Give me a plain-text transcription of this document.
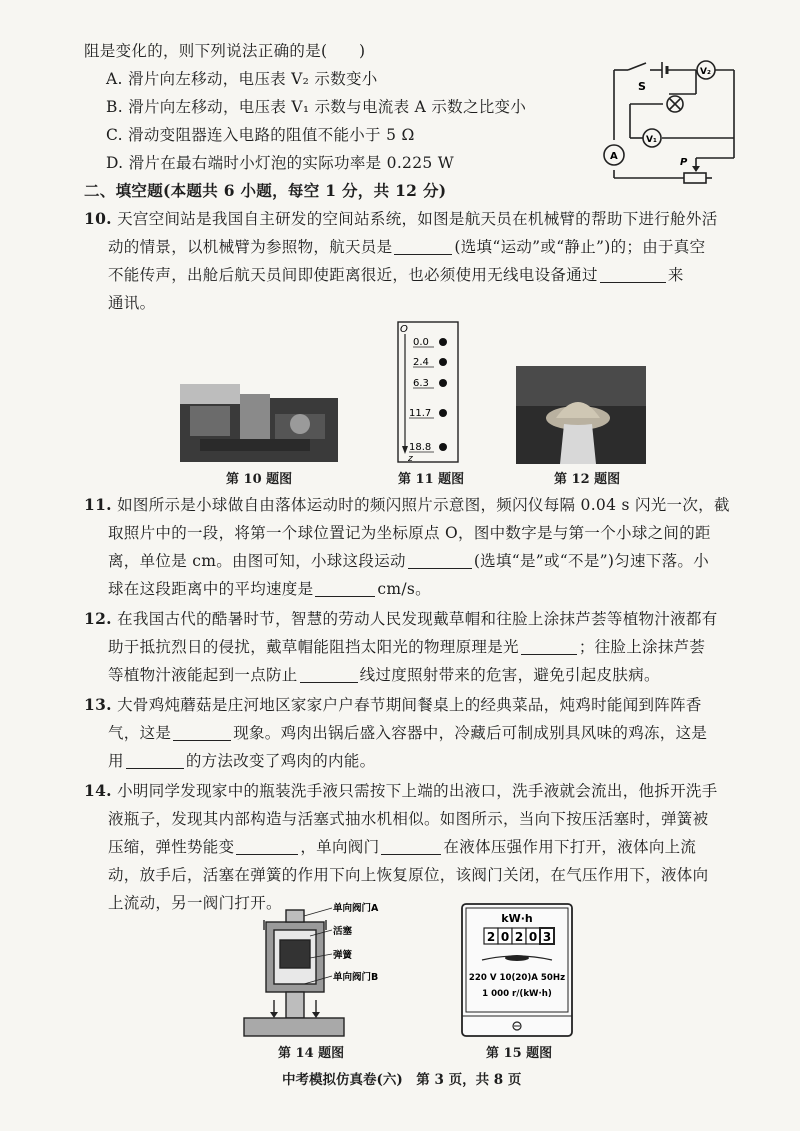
阻是变化的，则下列说法正确的是(　　)
A. 滑片向左移动，电压表 V₂ 示数变小
B. 滑片向左移动，电压表 V₁ 示数与电流表 A 示数之比变小
C. 滑动变阻器连入电路的阻值不能小于 5 Ω
D. 滑片在最右端时小灯泡的实际功率是 0.225 W
S
V₂
V₁
A
P
二、填空题(本题共 6 小题，每空 1 分，共 12 分)
10. 天宫空间站是我国自主研发的空间站系统，如图是航天员在机械臂的帮助下进行舱外活
动的情景，以机械臂为参照物，航天员是	(选填“运动”或“静止”)的；由于真空
不能传声，出舱后航天员间即使距离很近，也必须使用无线电设备通过	来
通讯。
第 10 题图
O
z
0.0
2.4
6.3
11.7
18.8
第 11 题图	第 12 题图
11. 如图所示是小球做自由落体运动时的频闪照片示意图，频闪仪每隔 0.04 s 闪光一次，截
取照片中的一段，将第一个球位置记为坐标原点 O，图中数字是与第一个小球之间的距
离，单位是 cm。由图可知，小球这段运动	(选填“是”或“不是”)匀速下落。小
球在这段距离中的平均速度是	cm/s。
12. 在我国古代的酷暑时节，智慧的劳动人民发现戴草帽和往脸上涂抹芦荟等植物汁液都有
助于抵抗烈日的侵扰，戴草帽能阻挡太阳光的物理原理是光	；往脸上涂抹芦荟
等植物汁液能起到一点防止	线过度照射带来的危害，避免引起皮肤病。
13. 大骨鸡炖蘑菇是庄河地区家家户户春节期间餐桌上的经典菜品，炖鸡时能闻到阵阵香
气，这是	现象。鸡肉出锅后盛入容器中，冷藏后可制成别具风味的鸡冻，这是
用	的方法改变了鸡肉的内能。
14. 小明同学发现家中的瓶装洗手液只需按下上端的出液口，洗手液就会流出，他拆开洗手
液瓶子，发现其内部构造与活塞式抽水机相似。如图所示，当向下按压活塞时，弹簧被
压缩，弹性势能变	，单向阀门	在液体压强作用下打开，液体向上流
动，放手后，活塞在弹簧的作用下向上恢复原位，该阀门关闭，在气压作用下，液体向
上流动，另一阀门打开。	单向阀门A
活塞
弹簧
单向阀门B
第 14 题图
kW·h
2 0 2 0 3
220 V 10(20)A 50Hz
1 000 r/(kW·h)
第 15 题图
中考模拟仿真卷(六)　第 3 页，共 8 页
